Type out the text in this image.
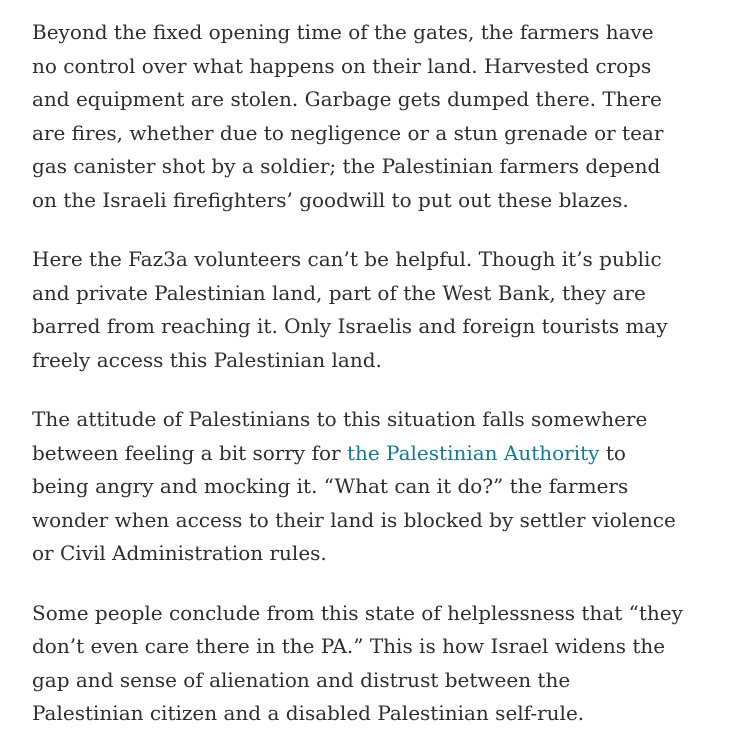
Beyond the fixed opening time of the gates, the farmers have no control over what happens on their land. Harvested crops and equipment are stolen. Garbage gets dumped there. There are fires, whether due to negligence or a stun grenade or tear gas canister shot by a soldier; the Palestinian farmers depend on the Israeli firefighters’ goodwill to put out these blazes.

Here the Faz3a volunteers can’t be helpful. Though it’s public and private Palestinian land, part of the West Bank, they are barred from reaching it. Only Israelis and foreign tourists may freely access this Palestinian land.

The attitude of Palestinians to this situation falls somewhere between feeling a bit sorry for the Palestinian Authority to being angry and mocking it. “What can it do?” the farmers wonder when access to their land is blocked by settler violence or Civil Administration rules.

Some people conclude from this state of helplessness that “they don’t even care there in the PA.” This is how Israel widens the gap and sense of alienation and distrust between the Palestinian citizen and a disabled Palestinian self-rule.
